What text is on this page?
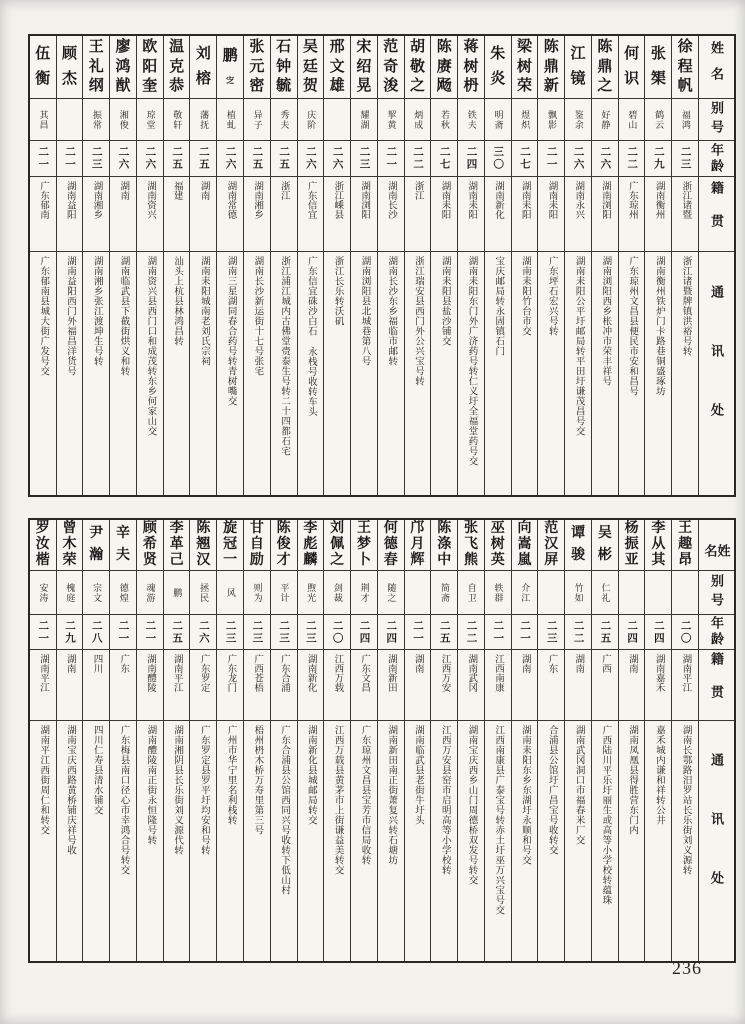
姓名
别号
年龄
籍贯
通讯处
徐
程
帆
福鸿
二三
浙江诸暨
浙江诸暨牌镇洪裕号转
张
榘
鹤云
二九
湖南衡州
湖南衡州铁炉门卡路巷铜盛琢坊
何
识
碧山
二二
广东琼州
广东琼州文昌县便民市安和昌号
陈
鼎
之
好静
二六
湖南浏阳
湖南浏阳西乡枨冲市荣丰祥号
江
镜
鉴余
二六
湖南永兴
湖南耒阳公平圩邮局转平田圩谦茂昌号交
陈
鼎
新
飘影
二一
湖南耒阳
广东坪石宏兴号转
梁
树
荣
煜炽
二七
湖南耒阳
湖南耒阳竹台市交
朱
炎
明斋
三〇
湖南新化
宝庆邮局转永固镇石门
蒋
树
枬
铁夫
二四
湖南耒阳
湖南耒阳东门外广济药号转仁义圩全福堂药号交
陈
赓
飏
若秋
二七
湖南耒阳
湖南耒阳县盐沙铺交
胡
敬
之
炳成
二二
浙江
浙江瑞安县西门外公兴宝号转
范
奇
浚
挈黄
二一
湖南长沙
湖南长沙东乡福临市邮转
宋
绍
晃
耀湖
二三
湖南浏阳
湖南浏阳县北城巷第八号
邢
文
雄
二六
浙江嵊县
浙江长乐转沃矶
吴
廷
贺
庆阶
二六
广东信宜
广东信宜硃沙白石 永栈号收转车头
石
钟
毓
秀夫
二五
浙江
浙江浦江城内古佛堂赍泰生号转二十四都石宅
张
元
密
异子
二五
湖南湘乡
湖南长沙新运街十七号张宅
鹏
㝎
植虬
二六
湖南常德
湖南三星湖同春合药号转青树嘴交
刘
榕
藩抚
二五
湖南
湖南耒阳城南老刘氏宗祠
温
克
恭
敬轩
二五
福建
汕头上杭县林鸿昌转
欧
阳
奎
琼堂
二六
湖南资兴
湖南资兴县西门口和成茂转东乡何家山交
廖
鸿
猷
湘俊
二六
湖南
湖南临武县下截街烘义和转
王
礼
纲
振常
二三
湖南湘乡
湖南湘乡张江渡坤生号转
顾
杰
二一
湖南益阳
湖南益阳西门外福昌洋货号
伍
衡
其昌
二一
广东郁南
广东郁南县城大街广发号交
姓名
别号
年龄
籍贯
通讯处
王
趣
昂
二〇
湖南平江
湖南长鄂路汨罗站长乐街刘义源转
李
从
其
二四
湖南嘉禾
嘉禾城内谦和祥转公井
杨
振
亚
二四
湖南
湖南凤凰县得胜营东门内
吴
彬
仁礼
二五
广西
广西陆川平乐圩丽生或高等小学校转蕴珠
谭
骏
竹如
二二
湖南
湖南武冈洞口市福春米厂交
范
汉
屏
二三
广东
合浦县公馆圩广昌宝号收转交
向
嵩
嵐
介江
二一
湖南
湖南耒阳东乡东湖圩永顺和号交
巫
树
英
轶群
二一
江西南康
江西南康县广泰宝号转赤土圩巫万兴宝号交
张
飞
熊
自卫
二二
湖南武冈
湖南宝庆西乡山门周德桥双发号转交
陈
涤
中
简斋
二五
江西万安
江西万安县窑市启明高等小学校转
邝
月
辉
二一
湖南
湖南临武县老街牛圩头
何
德
春
随之
二四
湖南新田
湖南新田南正街萧复兴转石塘坊
王
梦
卜
荆才
二四
广东文昌
广东琼州文昌县宝芳市信局收转
刘
佩
之
剑裁
二〇
江西万载
江西万载县黄茅市上街谦益美转交
李
彪
麟
煦光
二三
湖南新化
湖南新化县城邮局转交
陈
俊
才
平计
二三
广东合浦
广东合浦县公馆西同兴号收转下低山村
甘
自
励
则为
二三
广西苍梧
梧州枬木桥万寿里第三号
旋
冠
一
风
二三
广东龙门
广州市华宁里名利栈转
陈
翘
汉
拯民
二六
广东罗定
广东罗定县罗平圩均安和号转
李
革
己
鹏
二五
湖南平江
湖南湘阴县长乐街刘义源代转
顾
希
贤
魂游
二一
湖南醴陵
湖南醴陵南正街永恒隆号转
辛
夫
德煌
二一
广东
广东梅县南口径心市幸鸿合号转交
尹
瀚
宗文
二八
四川
四川仁寿县清水铺交
曾
木
荣
槐庭
二九
湖南
湖南宝庆西路黄桥铺庆祥号收
罗
汝
楷
安涛
二一
湖南平江
湖南平江西街周仁和转交
236
